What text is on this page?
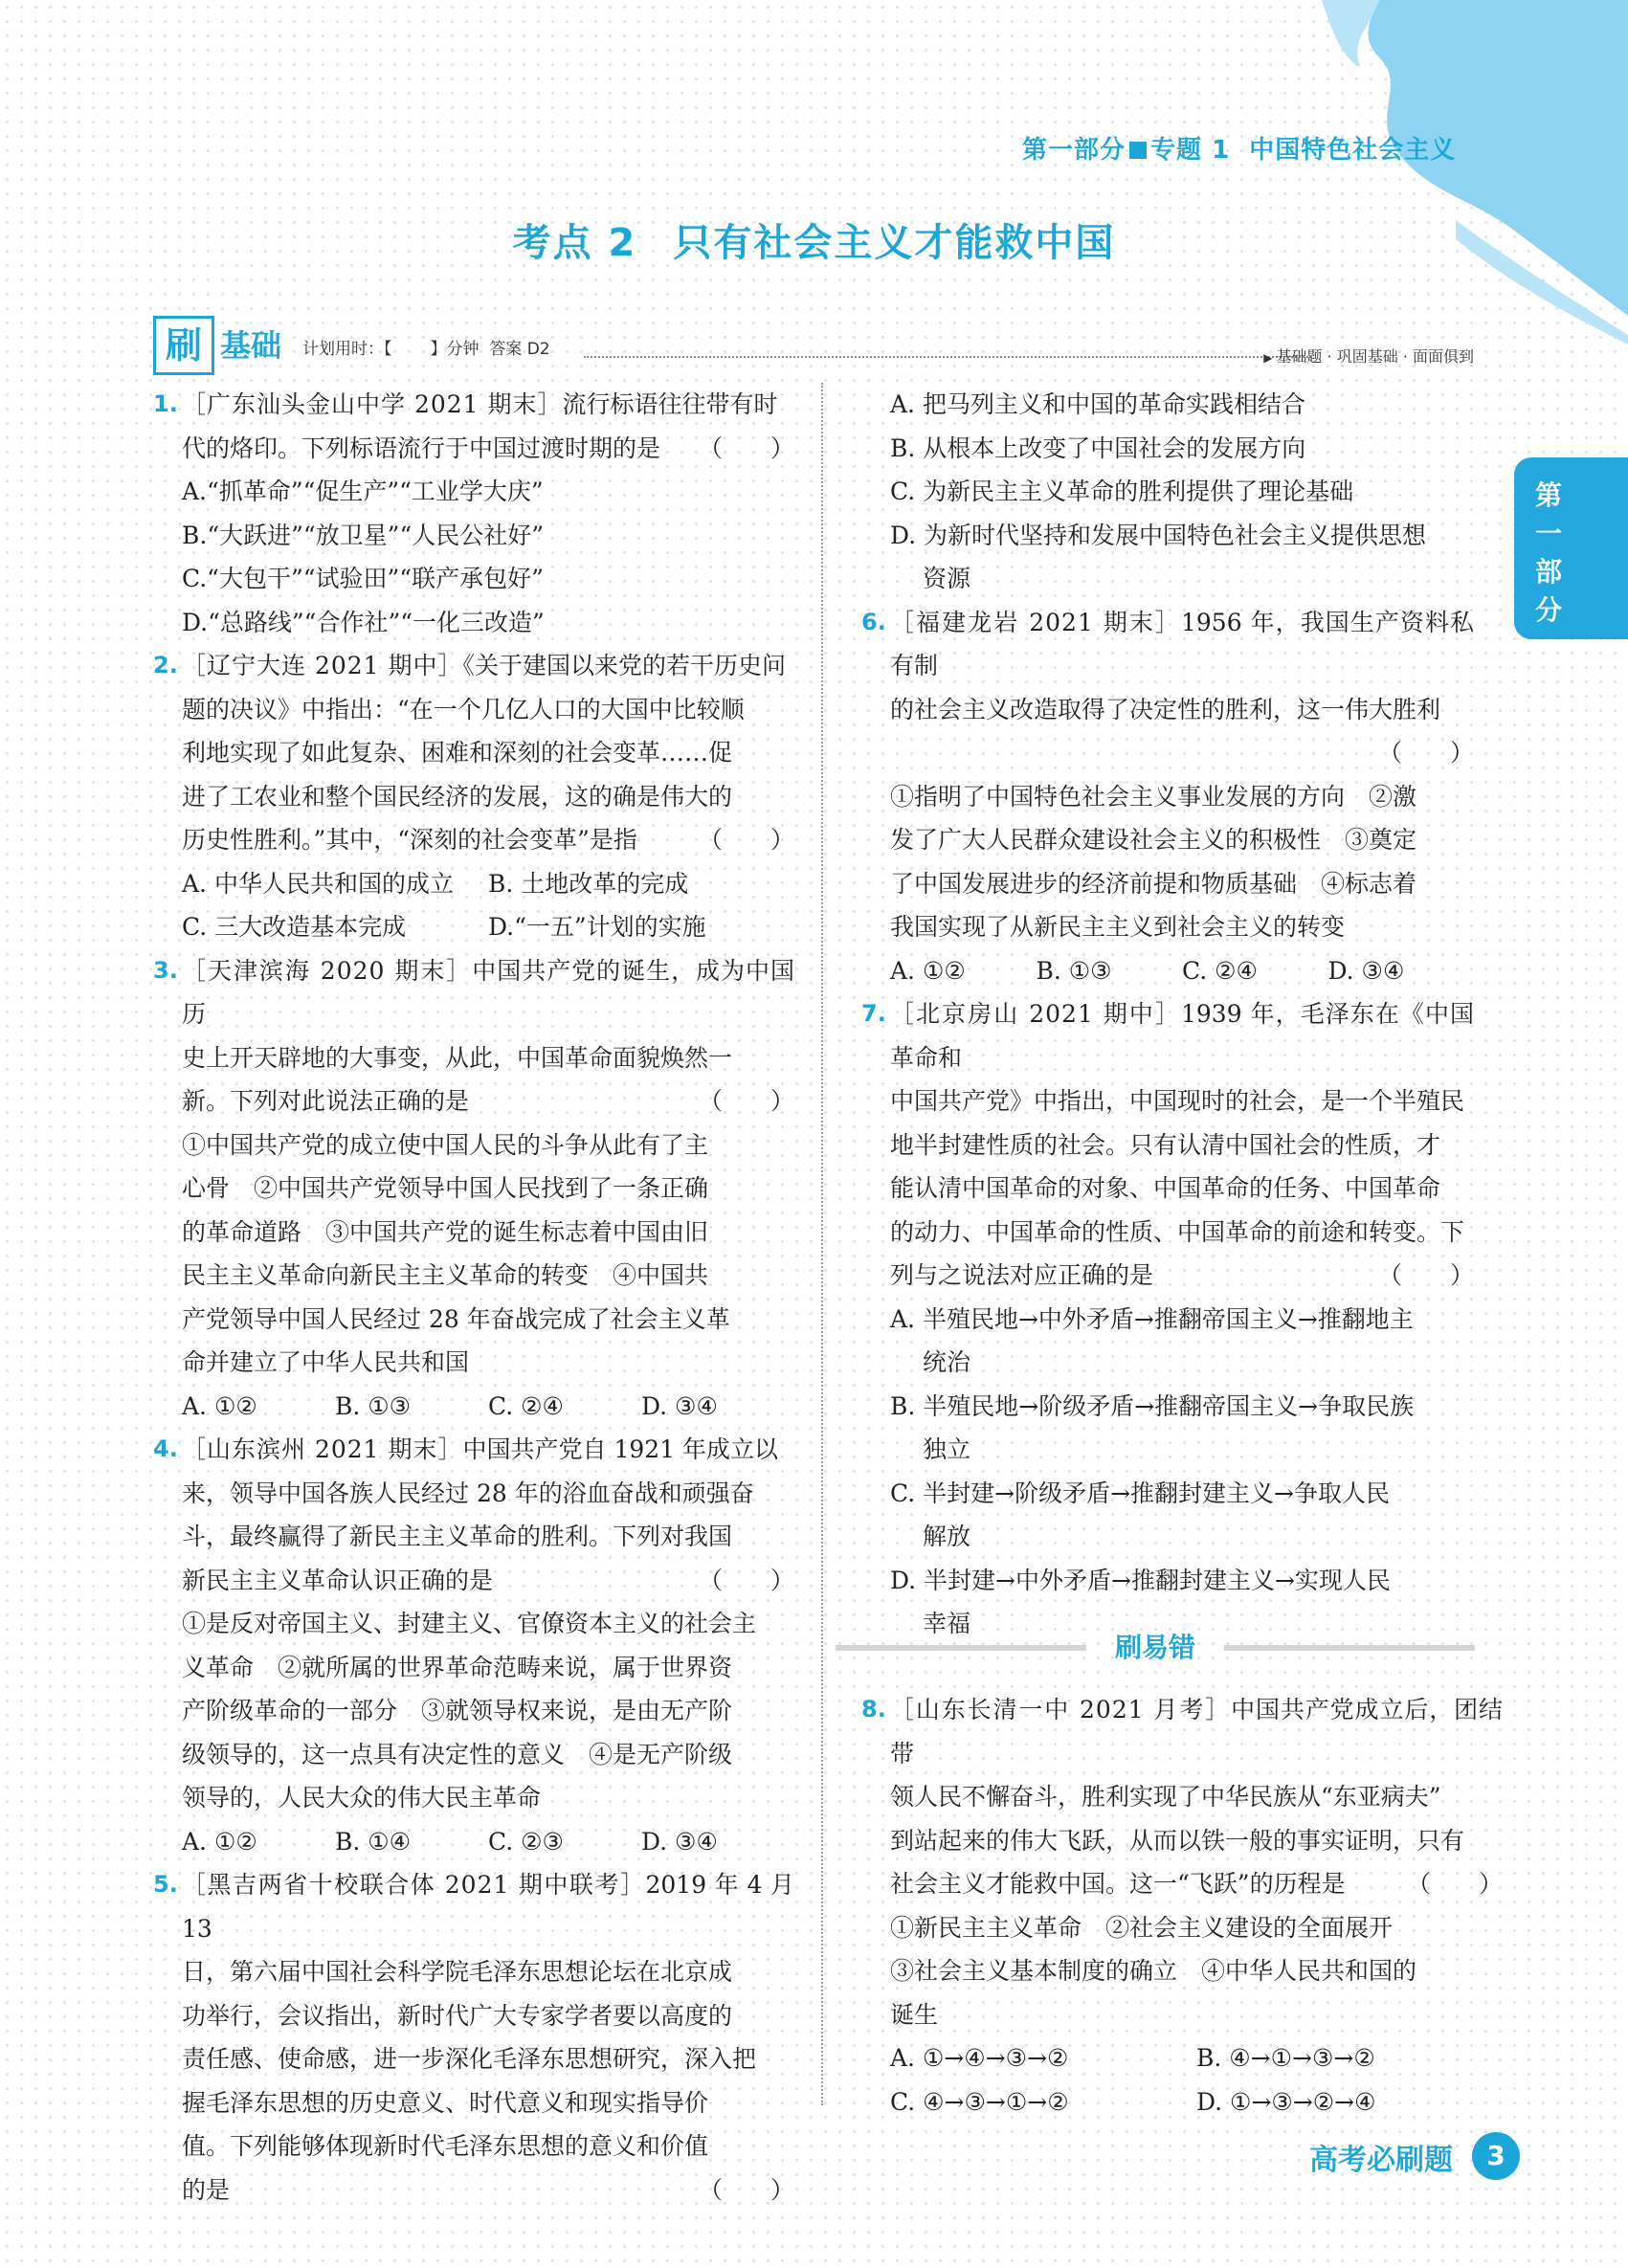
第一部分 专题 1 中国特色社会主义
考点 2 只有社会主义才能救中国
刷 基础 计划用时：【 】分钟 答案 D2
▶	基础题 · 巩固基础 · 面面俱到
第
一
部
分
1. ［广东汕头金山中学 2021 期末］流行标语往往带有时
代的烙印。下列标语流行于中国过渡时期的是 （　　）
A.“抓革命”“促生产”“工业学大庆”
B.“大跃进”“放卫星”“人民公社好”
C.“大包干”“试验田”“联产承包好”
D.“总路线”“合作社”“一化三改造”
2. ［辽宁大连 2021 期中］《关于建国以来党的若干历史问
题的决议》中指出：“在一个几亿人口的大国中比较顺
利地实现了如此复杂、困难和深刻的社会变革……促
进了工农业和整个国民经济的发展，这的确是伟大的
历史性胜利。”其中，“深刻的社会变革”是指	（　　）
A. 中华人民共和国的成立	B. 土地改革的完成
C. 三大改造基本完成	D.“一五”计划的实施
3. ［天津滨海 2020 期末］中国共产党的诞生，成为中国历
史上开天辟地的大事变，从此，中国革命面貌焕然一
新。下列对此说法正确的是	（　　）
①中国共产党的成立使中国人民的斗争从此有了主
心骨　②中国共产党领导中国人民找到了一条正确
的革命道路　③中国共产党的诞生标志着中国由旧
民主主义革命向新民主主义革命的转变　④中国共
产党领导中国人民经过 28 年奋战完成了社会主义革
命并建立了中华人民共和国
A. ①②	B. ①③	C. ②④	D. ③④
4. ［山东滨州 2021 期末］中国共产党自 1921 年成立以
来，领导中国各族人民经过 28 年的浴血奋战和顽强奋
斗，最终赢得了新民主主义革命的胜利。下列对我国
新民主主义革命认识正确的是	（　　）
①是反对帝国主义、封建主义、官僚资本主义的社会主
义革命　②就所属的世界革命范畴来说，属于世界资
产阶级革命的一部分　③就领导权来说，是由无产阶
级领导的，这一点具有决定性的意义　④是无产阶级
领导的，人民大众的伟大民主革命
A. ①②	B. ①④	C. ②③	D. ③④
5. ［黑吉两省十校联合体 2021 期中联考］2019 年 4 月 13
日，第六届中国社会科学院毛泽东思想论坛在北京成
功举行，会议指出，新时代广大专家学者要以高度的
责任感、使命感，进一步深化毛泽东思想研究，深入把
握毛泽东思想的历史意义、时代意义和现实指导价
值。下列能够体现新时代毛泽东思想的意义和价值
的是	（　　）
A. 把马列主义和中国的革命实践相结合
B. 从根本上改变了中国社会的发展方向
C. 为新民主主义革命的胜利提供了理论基础
D. 为新时代坚持和发展中国特色社会主义提供思想
资源
6. ［福建龙岩 2021 期末］1956 年，我国生产资料私有制
的社会主义改造取得了决定性的胜利，这一伟大胜利
（　　）

①指明了中国特色社会主义事业发展的方向　②激
发了广大人民群众建设社会主义的积极性　③奠定
了中国发展进步的经济前提和物质基础　④标志着
我国实现了从新民主主义到社会主义的转变
A. ①②	B. ①③	C. ②④	D. ③④
7. ［北京房山 2021 期中］1939 年，毛泽东在《中国革命和
中国共产党》中指出，中国现时的社会，是一个半殖民
地半封建性质的社会。只有认清中国社会的性质，才
能认清中国革命的对象、中国革命的任务、中国革命
的动力、中国革命的性质、中国革命的前途和转变。下
列与之说法对应正确的是	（　　）
A. 半殖民地→中外矛盾→推翻帝国主义→推翻地主
统治
B. 半殖民地→阶级矛盾→推翻帝国主义→争取民族
独立
C. 半封建→阶级矛盾→推翻封建主义→争取人民
解放
D. 半封建→中外矛盾→推翻封建主义→实现人民
幸福
刷易错
8. ［山东长清一中 2021 月考］中国共产党成立后，团结带
领人民不懈奋斗，胜利实现了中华民族从“东亚病夫”
到站起来的伟大飞跃，从而以铁一般的事实证明，只有
社会主义才能救中国。这一“飞跃”的历程是	（　　）
①新民主主义革命　②社会主义建设的全面展开
③社会主义基本制度的确立　④中华人民共和国的
诞生
A. ①→④→③→②	B. ④→①→③→②
C. ④→③→①→②	D. ①→③→②→④
高考必刷题	3
